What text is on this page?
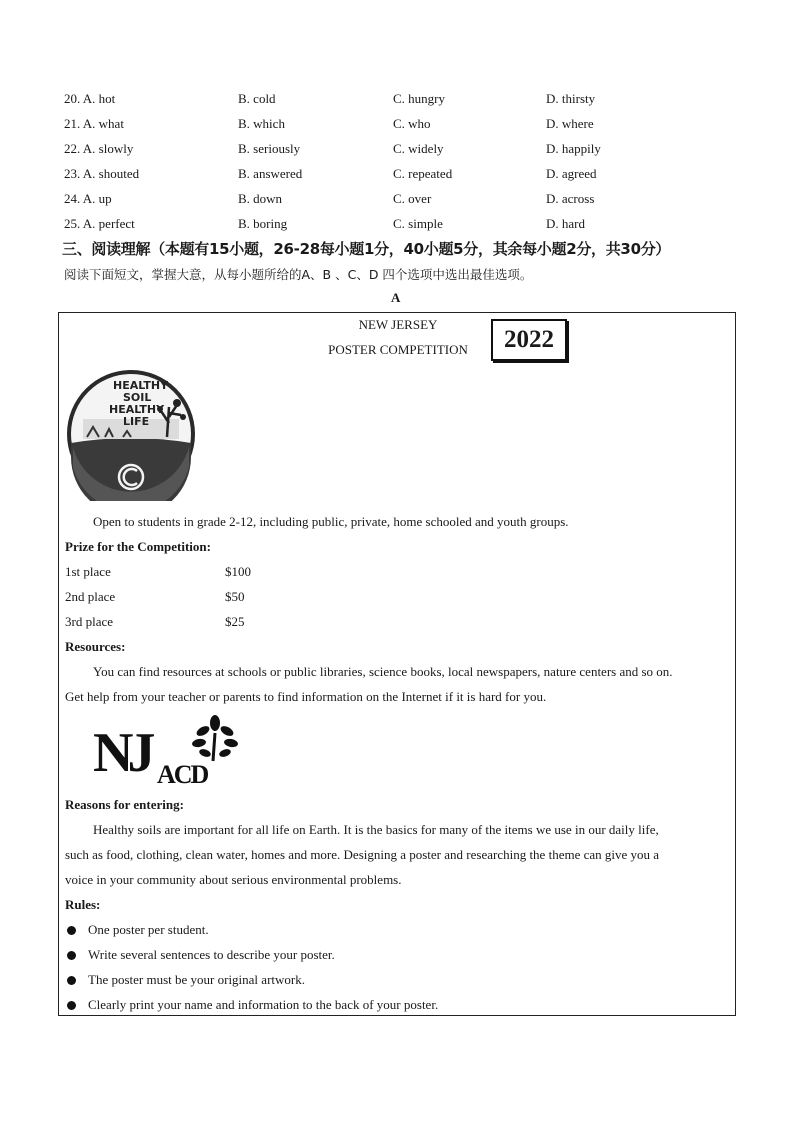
20. A. hot	B. cold	C. hungry	D. thirsty
21. A. what	B. which	C. who	D. where
22. A. slowly	B. seriously	C. widely	D. happily
23. A. shouted	B. answered	C. repeated	D. agreed
24. A. up	B. down	C. over	D. across
25. A. perfect	B. boring	C. simple	D. hard
三、阅读理解（本题有15小题，26-28每小题1分，40小题5分，其余每小题2分，共30分）
阅读下面短文，掌握大意，从每小题所给的A、B 、C、D 四个选项中选出最佳选项。
A
NEW JERSEY
POSTER COMPETITION	2022
HEALTHY
SOIL
HEALTHY
LIFE
Open to students in grade 2-12, including public, private, home schooled and youth groups.
Prize for the Competition:
1st place	$100
2nd place	$50
3rd place	$25
Resources:
You can find resources at schools or public libraries, science books, local newspapers, nature centers and so on.
Get help from your teacher or parents to find information on the Internet if it is hard for you.
NJ ACD
Reasons for entering:
Healthy soils are important for all life on Earth. It is the basics for many of the items we use in our daily life,
such as food, clothing, clean water, homes and more. Designing a poster and researching the theme can give you a
voice in your community about serious environmental problems.
Rules:
One poster per student.
Write several sentences to describe your poster.
The poster must be your original artwork.
Clearly print your name and information to the back of your poster.
